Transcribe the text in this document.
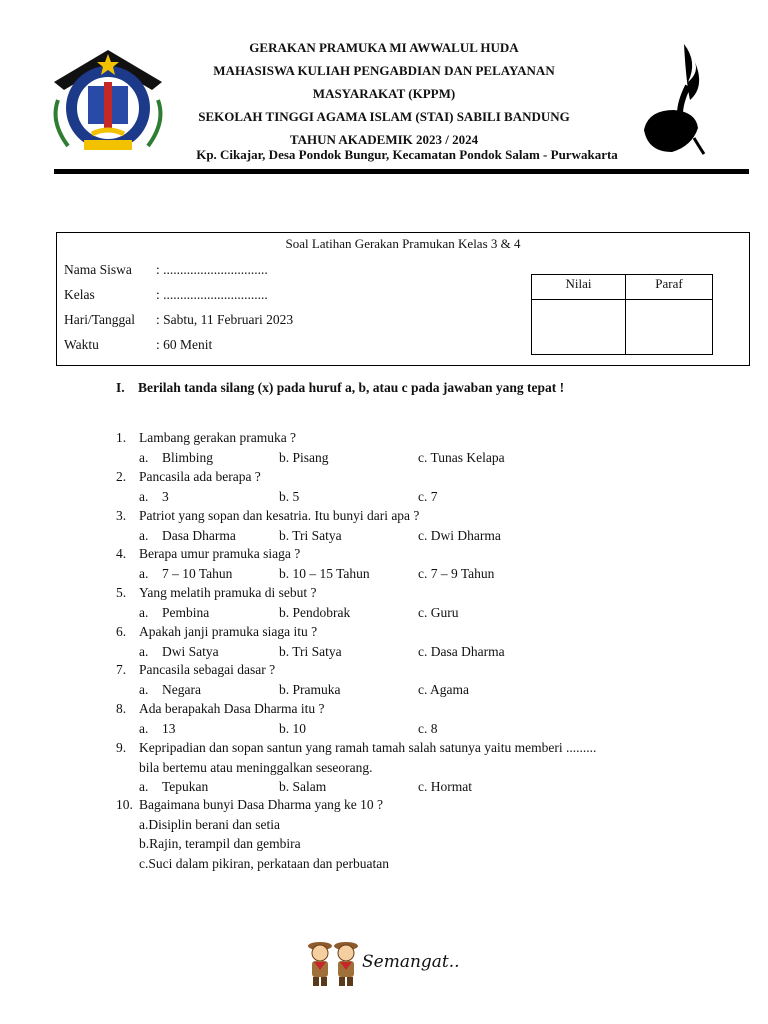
GERAKAN PRAMUKA MI AWWALUL HUDA
MAHASISWA KULIAH PENGABDIAN DAN PELAYANAN
MASYARAKAT (KPPM)
SEKOLAH TINGGI AGAMA ISLAM (STAI) SABILI BANDUNG
TAHUN AKADEMIK 2023 / 2024
Kp. Cikajar, Desa Pondok Bungur, Kecamatan Pondok Salam - Purwakarta
Soal Latihan Gerakan Pramukan Kelas 3 & 4
Nama Siswa : ...............................
Kelas	: ...............................
Hari/Tanggal : Sabtu, 11 Februari 2023
Waktu	: 60 Menit
Nilai	Paraf
I. Berilah tanda silang (x) pada huruf a, b, atau c pada jawaban yang tepat !
1. Lambang gerakan pramuka ?
a. Blimbing	b. Pisang	c. Tunas Kelapa
2. Pancasila ada berapa ?
a. 3	b. 5	c. 7
3. Patriot yang sopan dan kesatria. Itu bunyi dari apa ?
a. Dasa Dharma	b. Tri Satya	c. Dwi Dharma
4. Berapa umur pramuka siaga ?
a. 7 – 10 Tahun	b. 10 – 15 Tahun	c. 7 – 9 Tahun
5. Yang melatih pramuka di sebut ?
a. Pembina	b. Pendobrak	c. Guru
6. Apakah janji pramuka siaga itu ?
a. Dwi Satya	b. Tri Satya	c. Dasa Dharma
7. Pancasila sebagai dasar ?
a. Negara	b. Pramuka	c. Agama
8. Ada berapakah Dasa Dharma itu ?
a. 13	b. 10	c. 8
9. Kepripadian dan sopan santun yang ramah tamah salah satunya yaitu memberi .........
bila bertemu atau meninggalkan seseorang.
a. Tepukan	b. Salam	c. Hormat
10. Bagaimana bunyi Dasa Dharma yang ke 10 ?
a.Disiplin berani dan setia
b.Rajin, terampil dan gembira
c.Suci dalam pikiran, perkataan dan perbuatan
Semangat..
